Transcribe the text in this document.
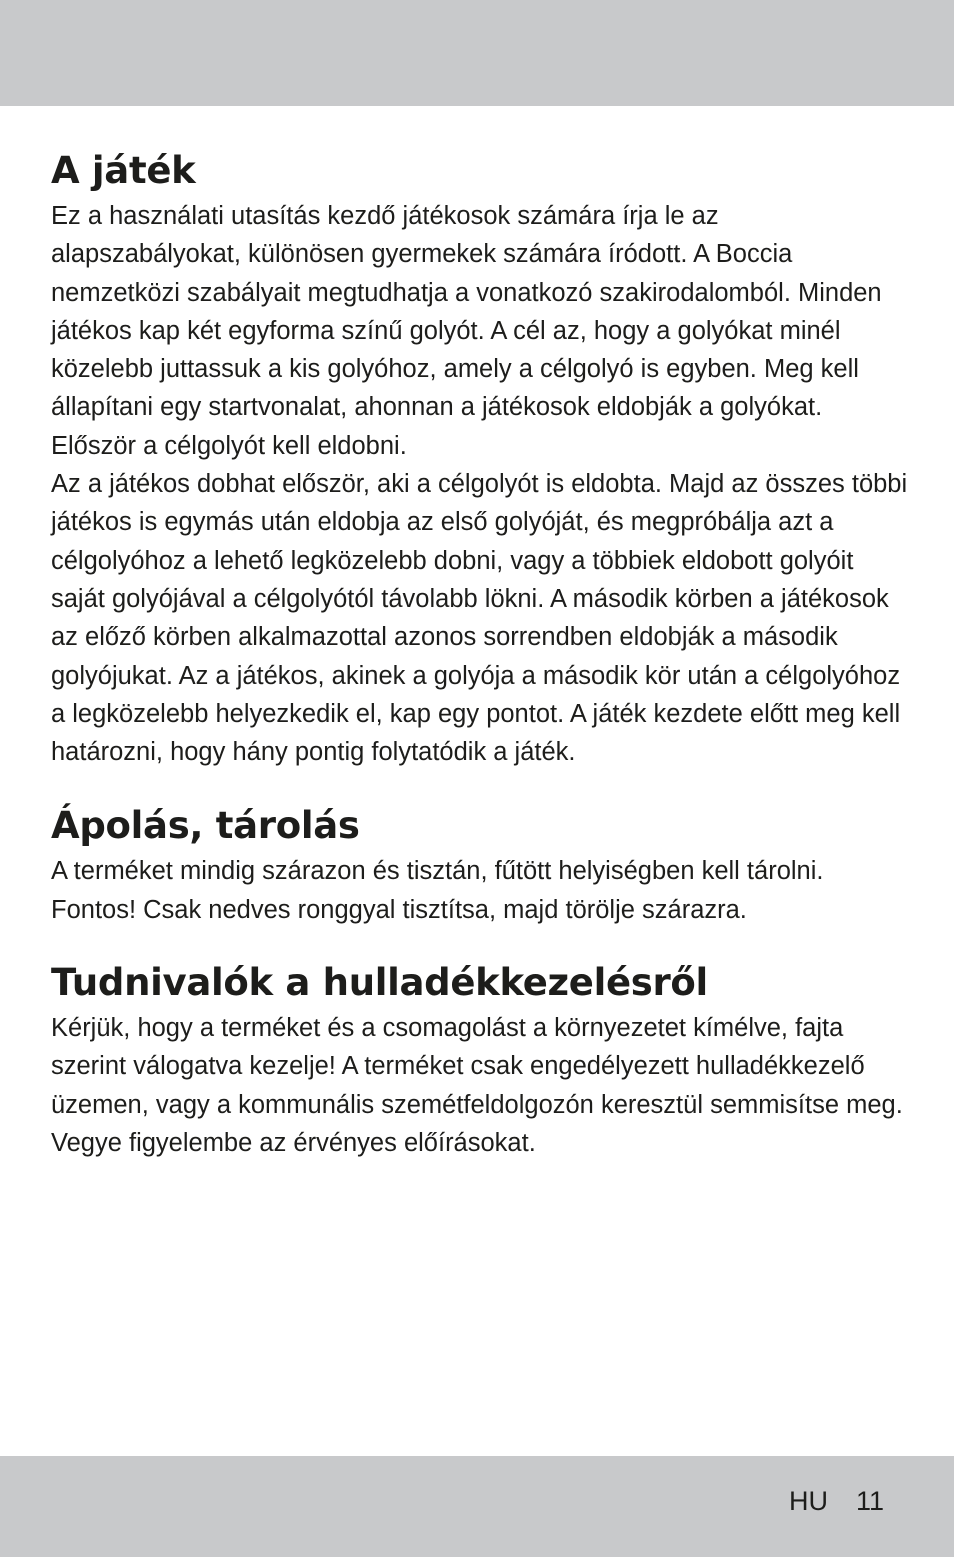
A játék

Ez a használati utasítás kezdő játékosok számára írja le az alapszabályokat, különösen gyermekek számára íródott. A Boccia nemzetközi szabályait megtudhatja a vonatkozó szakirodalomból. Minden játékos kap két egyforma színű golyót. A cél az, hogy a golyókat minél közelebb juttassuk a kis golyóhoz, amely a célgolyó is egyben. Meg kell állapítani egy startvonalat, ahonnan a játékosok eldobják a golyókat. Először a célgolyót kell eldobni.

Az a játékos dobhat először, aki a célgolyót is eldobta. Majd az összes többi játékos is egymás után eldobja az első golyóját, és megpróbálja azt a célgolyóhoz a lehető legközelebb dobni, vagy a többiek eldobott golyóit saját golyójával a célgolyótól távolabb lökni. A második körben a játékosok az előző körben alkalmazottal azonos sorrendben eldobják a második golyójukat. Az a játékos, akinek a golyója a második kör után a célgolyóhoz a legközelebb helyezkedik el, kap egy pontot. A játék kezdete előtt meg kell határozni, hogy hány pontig folytatódik a játék.

Ápolás, tárolás

A terméket mindig szárazon és tisztán, fűtött helyiségben kell tárolni. Fontos! Csak nedves ronggyal tisztítsa, majd törölje szárazra.

Tudnivalók a hulladékkezelésről

Kérjük, hogy a terméket és a csomagolást a környezetet kímélve, fajta szerint válogatva kezelje! A terméket csak engedélyezett hulladékkezelő üzemen, vagy a kommunális szemétfeldolgozón keresztül semmisítse meg. Vegye figyelembe az érvényes előírásokat.

HU 11
